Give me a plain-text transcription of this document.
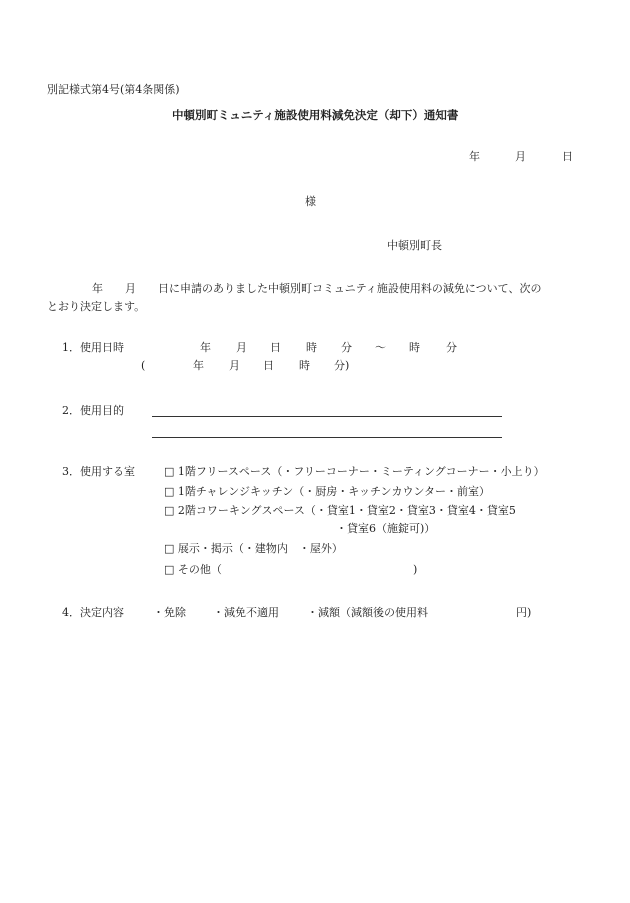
別記様式第4号(第4条関係)
中頓別町ミュニティ施設使用料減免決定（却下）通知書
年	月	日
様
中頓別町長
年　　月　　日に申請のありました中頓別町コミュニティ施設使用料の減免について、次の
とおり決定します。
1．使用日時	年 月 日 時 分 ～ 時 分
(	年 月 日 時 分)
2．使用目的
3．使用する室	□ 1階フリースペース（・フリーコーナー・ミーティングコーナー・小上り）
□ 1階チャレンジキッチン（・厨房・キッチンカウンター・前室）
□ 2階コワーキングスペース（・貸室1・貸室2・貸室3・貸室4・貸室5
・貸室6（施錠可)）
□ 展示・掲示（・建物内　・屋外）
□ その他（	)
4．決定内容	・免除 ・減免不適用	・減額（減額後の使用料	円)
